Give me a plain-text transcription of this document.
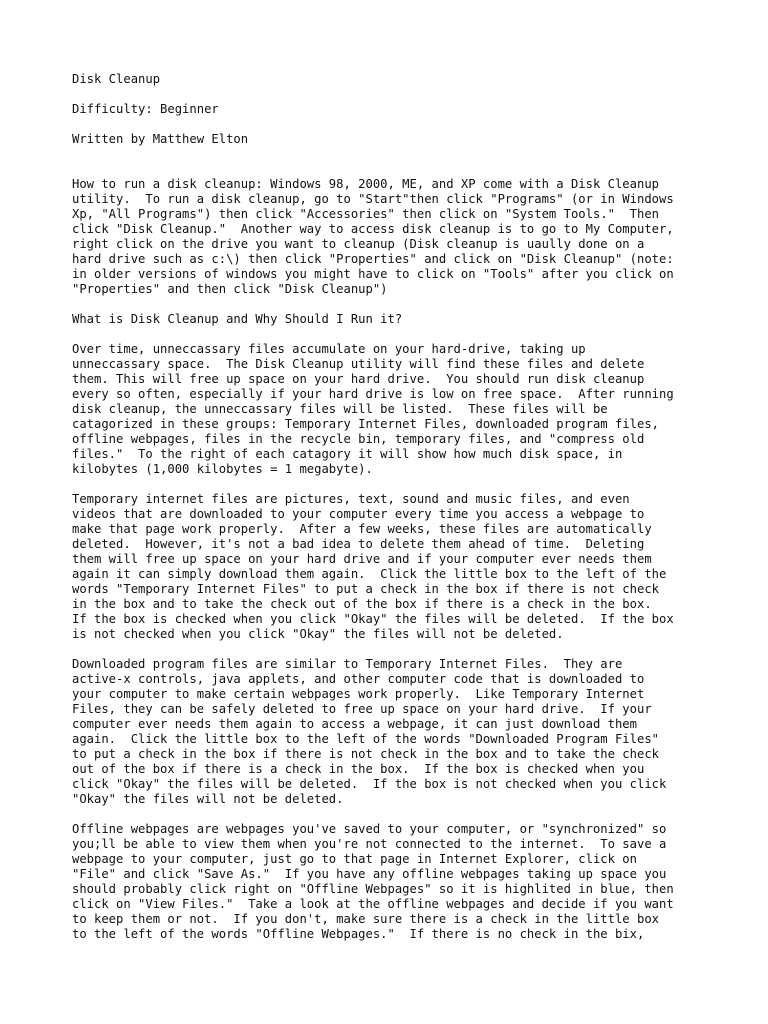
Disk Cleanup
Difficulty: Beginner
Written by Matthew Elton
How to run a disk cleanup: Windows 98, 2000, ME, and XP come with a Disk Cleanup
utility.  To run a disk cleanup, go to "Start"then click "Programs" (or in Windows
Xp, "All Programs") then click "Accessories" then click on "System Tools."  Then
click "Disk Cleanup."  Another way to access disk cleanup is to go to My Computer,
right click on the drive you want to cleanup (Disk cleanup is uaully done on a
hard drive such as c:\) then click "Properties" and click on "Disk Cleanup" (note:
in older versions of windows you might have to click on "Tools" after you click on
"Properties" and then click "Disk Cleanup")
What is Disk Cleanup and Why Should I Run it?
Over time, unneccassary files accumulate on your hard-drive, taking up
unneccassary space.  The Disk Cleanup utility will find these files and delete
them. This will free up space on your hard drive.  You should run disk cleanup
every so often, especially if your hard drive is low on free space.  After running
disk cleanup, the unneccassary files will be listed.  These files will be
catagorized in these groups: Temporary Internet Files, downloaded program files,
offline webpages, files in the recycle bin, temporary files, and "compress old
files."  To the right of each catagory it will show how much disk space, in
kilobytes (1,000 kilobytes = 1 megabyte).
Temporary internet files are pictures, text, sound and music files, and even
videos that are downloaded to your computer every time you access a webpage to
make that page work properly.  After a few weeks, these files are automatically
deleted.  However, it's not a bad idea to delete them ahead of time.  Deleting
them will free up space on your hard drive and if your computer ever needs them
again it can simply download them again.  Click the little box to the left of the
words "Temporary Internet Files" to put a check in the box if there is not check
in the box and to take the check out of the box if there is a check in the box.
If the box is checked when you click "Okay" the files will be deleted.  If the box
is not checked when you click "Okay" the files will not be deleted.
Downloaded program files are similar to Temporary Internet Files.  They are
active-x controls, java applets, and other computer code that is downloaded to
your computer to make certain webpages work properly.  Like Temporary Internet
Files, they can be safely deleted to free up space on your hard drive.  If your
computer ever needs them again to access a webpage, it can just download them
again.  Click the little box to the left of the words "Downloaded Program Files"
to put a check in the box if there is not check in the box and to take the check
out of the box if there is a check in the box.  If the box is checked when you
click "Okay" the files will be deleted.  If the box is not checked when you click
"Okay" the files will not be deleted.
Offline webpages are webpages you've saved to your computer, or "synchronized" so
you;ll be able to view them when you're not connected to the internet.  To save a
webpage to your computer, just go to that page in Internet Explorer, click on
"File" and click "Save As."  If you have any offline webpages taking up space you
should probably click right on "Offline Webpages" so it is highlited in blue, then
click on "View Files."  Take a look at the offline webpages and decide if you want
to keep them or not.  If you don't, make sure there is a check in the little box
to the left of the words "Offline Webpages."  If there is no check in the bix,
